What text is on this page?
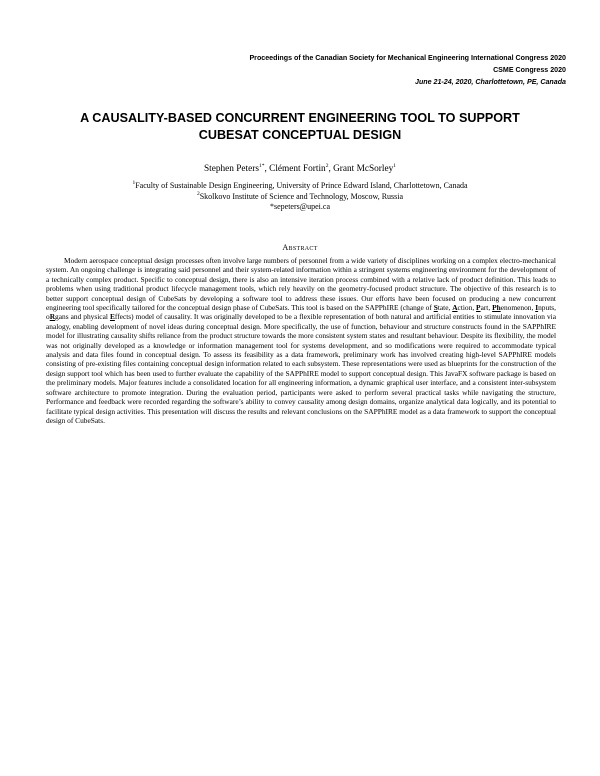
Proceedings of the Canadian Society for Mechanical Engineering International Congress 2020
CSME Congress 2020
June 21-24, 2020, Charlottetown, PE, Canada
A CAUSALITY-BASED CONCURRENT ENGINEERING TOOL TO SUPPORT
CUBESAT CONCEPTUAL DESIGN
Stephen Peters$^{1*}$, Clément Fortin$^2$, Grant McSorley$^1$
$^1$Faculty of Sustainable Design Engineering, University of Prince Edward Island, Charlottetown, Canada
$^2$Skolkovo Institute of Science and Technology, Moscow, Russia
*sepeters@upei.ca
Abstract

Modern aerospace conceptual design processes often involve large numbers of personnel from a wide variety of disciplines working on a complex electro-mechanical system. An ongoing challenge is integrating said personnel and their system-related information within a stringent systems engineering environment for the development of a technically complex product. Specific to conceptual design, there is also an intensive iteration process combined with a relative lack of product definition. This leads to problems when using traditional product lifecycle management tools, which rely heavily on the geometry-focused product structure. The objective of this research is to better support conceptual design of CubeSats by developing a software tool to address these issues. Our efforts have been focused on producing a new concurrent engineering tool specifically tailored for the conceptual design phase of CubeSats. This tool is based on the SAPPhIRE (change of State, Action, Part, Phenomenon, Inputs, oRgans and physical Effects) model of causality. It was originally developed to be a flexible representation of both natural and artificial entities to stimulate innovation via analogy, enabling development of novel ideas during conceptual design. More specifically, the use of function, behaviour and structure constructs found in the SAPPhIRE model for illustrating causality shifts reliance from the product structure towards the more consistent system states and resultant behaviour. Despite its flexibility, the model was not originally developed as a knowledge or information management tool for systems development, and so modifications were required to accommodate typical analysis and data files found in conceptual design. To assess its feasibility as a data framework, preliminary work has involved creating high-level SAPPhIRE models consisting of pre-existing files containing conceptual design information related to each subsystem. These representations were used as blueprints for the construction of the design support tool which has been used to further evaluate the capability of the SAPPhIRE model to support conceptual design. This JavaFX software package is based on the preliminary models. Major features include a consolidated location for all engineering information, a dynamic graphical user interface, and a consistent inter-subsystem software architecture to promote integration. During the evaluation period, participants were asked to perform several practical tasks while navigating the structure, Performance and feedback were recorded regarding the software’s ability to convey causality among design domains, organize analytical data logically, and its potential to facilitate typical design activities. This presentation will discuss the results and relevant conclusions on the SAPPhIRE model as a data framework to support the conceptual design of CubeSats.
